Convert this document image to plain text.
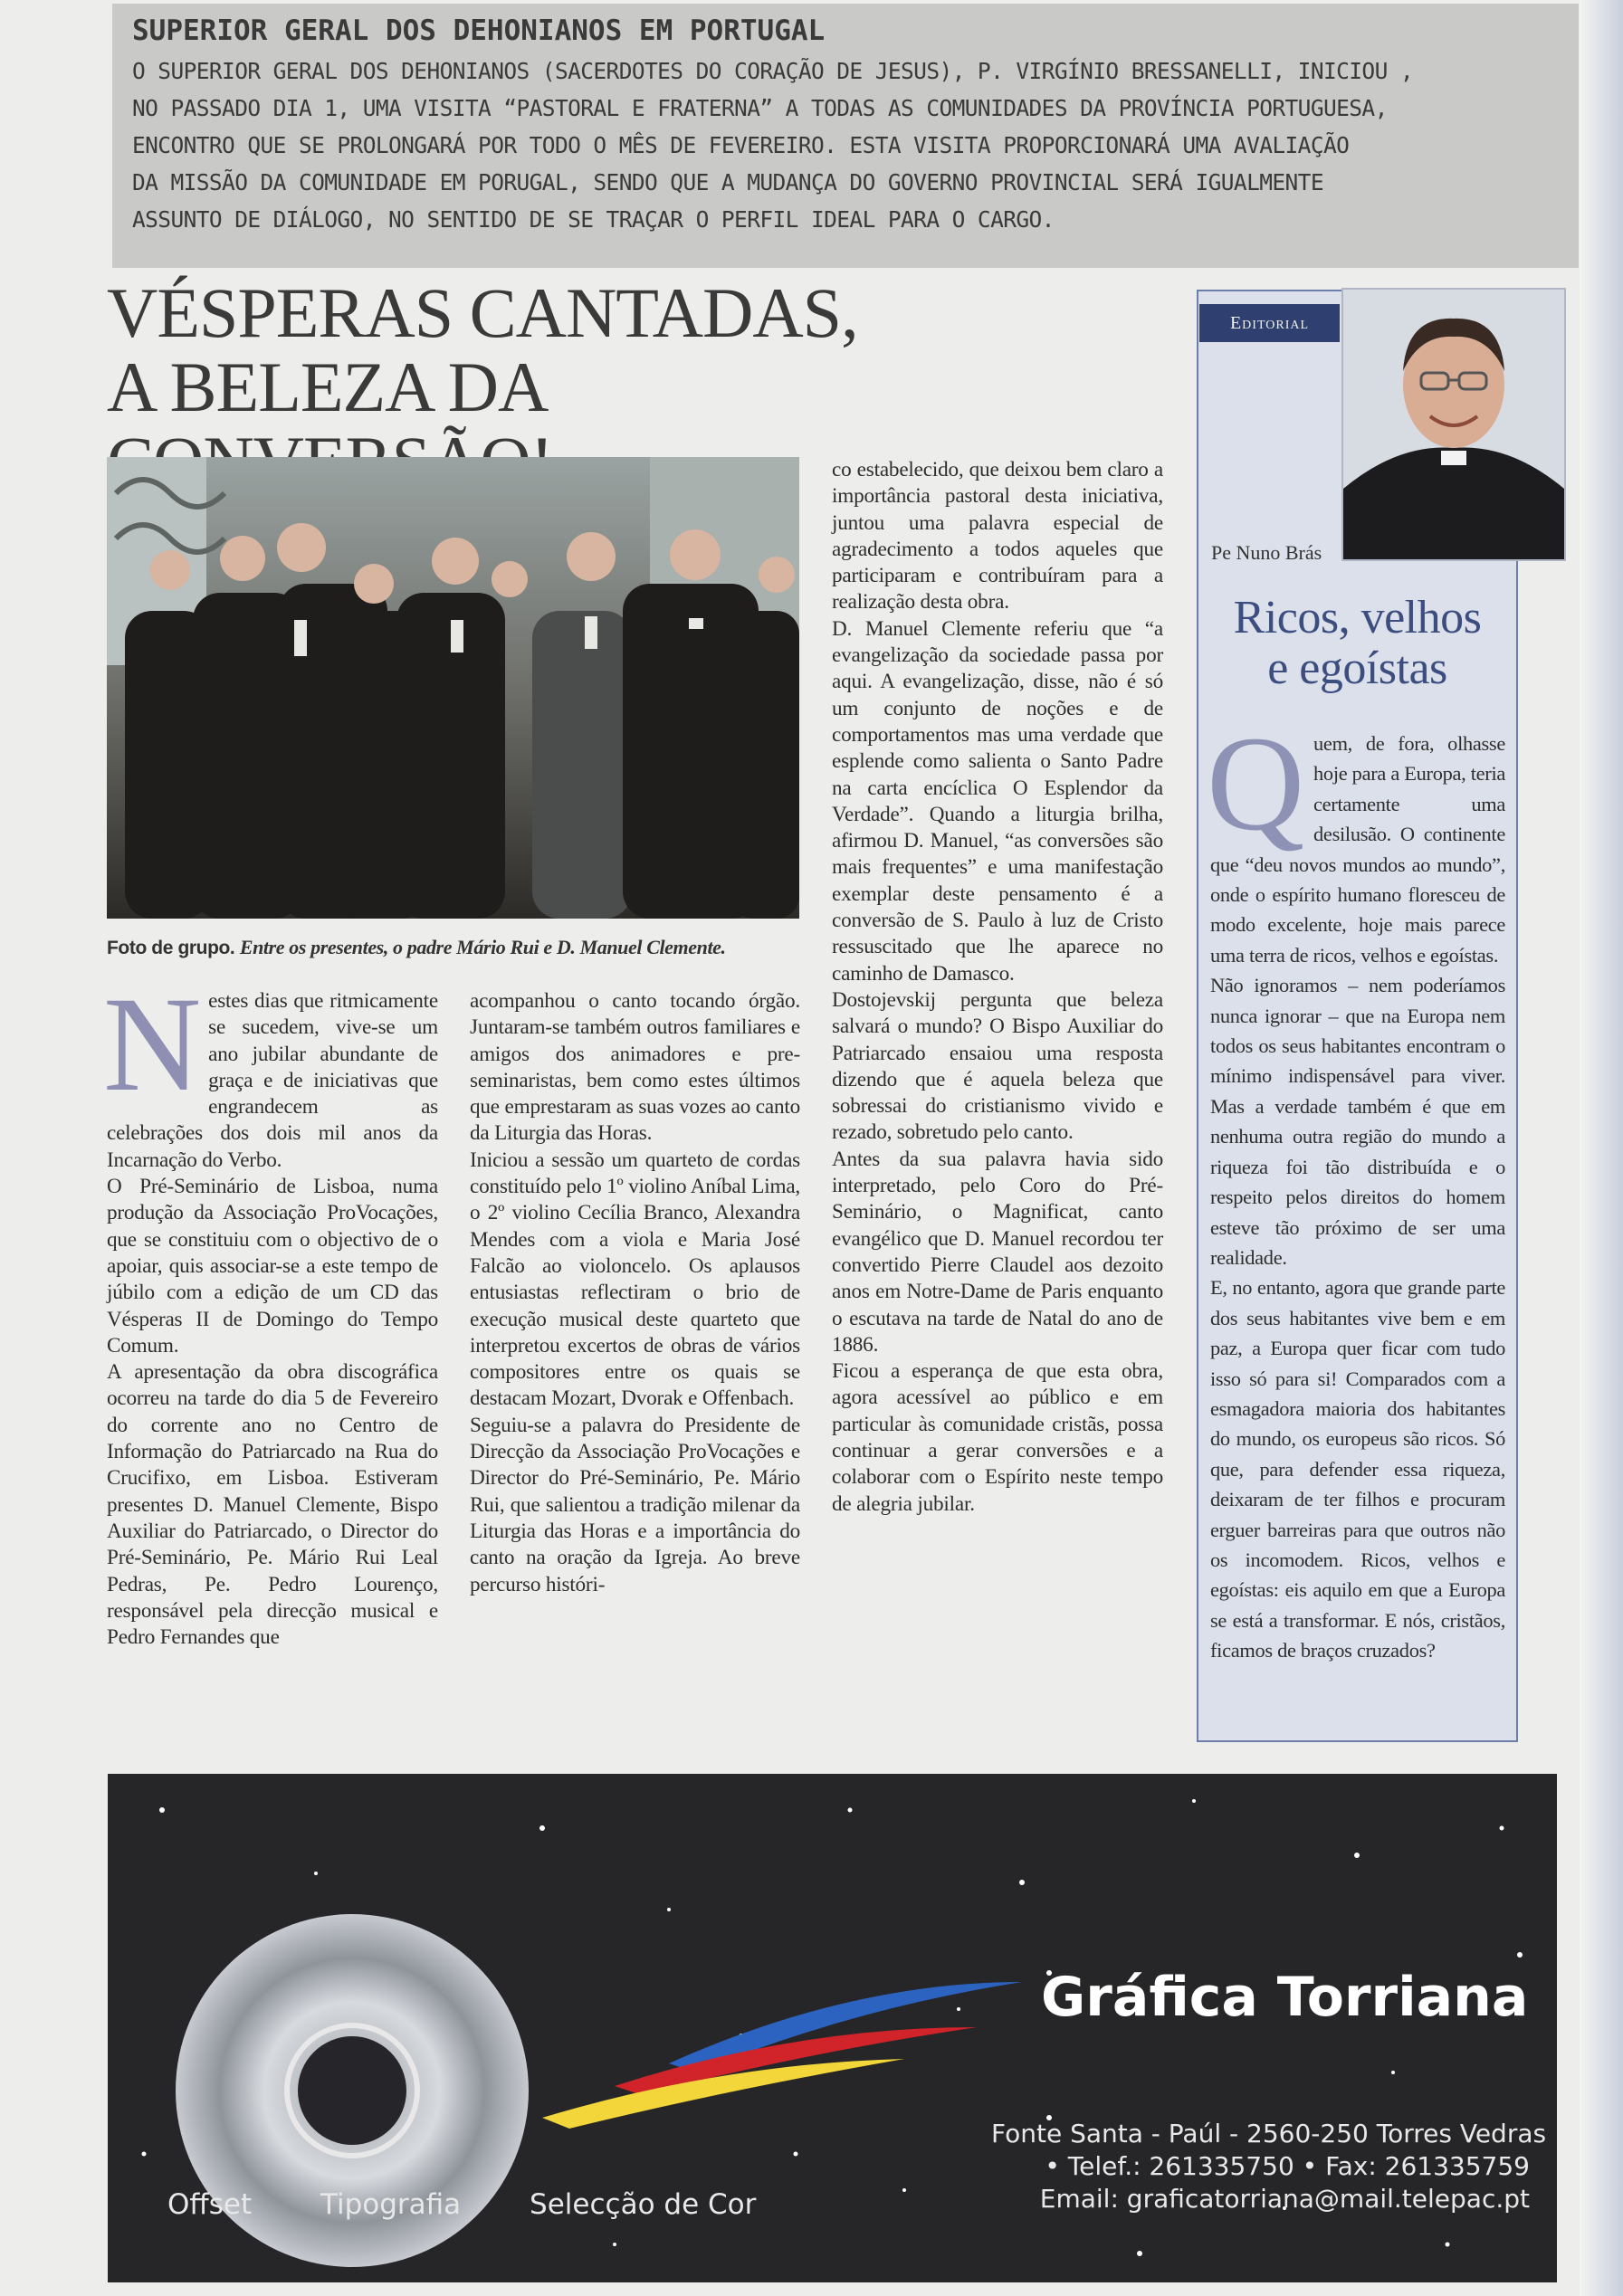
SUPERIOR GERAL DOS DEHONIANOS EM PORTUGAL

O SUPERIOR GERAL DOS DEHONIANOS (SACERDOTES DO CORAÇÃO DE JESUS), P. VIRGÍNIO BRESSANELLI, INICIOU ,

NO PASSADO DIA 1, UMA VISITA “PASTORAL E FRATERNA” A TODAS AS COMUNIDADES DA PROVÍNCIA PORTUGUESA,

ENCONTRO QUE SE PROLONGARÁ POR TODO O MÊS DE FEVEREIRO. ESTA VISITA PROPORCIONARÁ UMA AVALIAÇÃO

DA MISSÃO DA COMUNIDADE EM PORUGAL, SENDO QUE A MUDANÇA DO GOVERNO PROVINCIAL SERÁ IGUALMENTE

ASSUNTO DE DIÁLOGO, NO SENTIDO DE SE TRAÇAR O PERFIL IDEAL PARA O CARGO.

VÉSPERAS CANTADAS,
A BELEZA DA
Foto de grupo. Entre os presentes, o padre Mário Rui e D. Manuel Clemente.
N estes dias que ritmicamente se sucedem, vive-se um ano jubilar abundante de graça e de iniciativas que engrandecem as celebrações dos dois mil anos da Incarnação do Verbo.

O Pré-Seminário de Lisboa, numa produção da Associação ProVocações, que se constituiu com o objectivo de o apoiar, quis associar-se a este tempo de júbilo com a edição de um CD das Vésperas II de Domingo do Tempo Comum.

A apresentação da obra discográfica ocorreu na tarde do dia 5 de Fevereiro do corrente ano no Centro de Informação do Patriarcado na Rua do Crucifixo, em Lisboa. Estiveram presentes D. Manuel Clemente, Bispo Auxiliar do Patriarcado, o Director do Pré-Seminário, Pe. Mário Rui Leal Pedras, Pe. Pedro Lourenço, responsável pela direcção musical e Pedro Fernandes que

acompanhou o canto tocando órgão. Juntaram-se também outros familiares e amigos dos animadores e pre-seminaristas, bem como estes últimos que emprestaram as suas vozes ao canto da Liturgia das Horas.

Iniciou a sessão um quarteto de cordas constituído pelo 1º violino Aníbal Lima, o 2º violino Cecília Branco, Alexandra Mendes com a viola e Maria José Falcão ao violoncelo. Os aplausos entusiastas reflectiram o brio de execução musical deste quarteto que interpretou excertos de obras de vários compositores entre os quais se destacam Mozart, Dvorak e Offenbach.

Seguiu-se a palavra do Presidente de Direcção da Associação ProVocações e Director do Pré-Seminário, Pe. Mário Rui, que salientou a tradição milenar da Liturgia das Horas e a importância do canto na oração da Igreja. Ao breve percurso históri-

co estabelecido, que deixou bem claro a importância pastoral desta iniciativa, juntou uma palavra especial de agradecimento a todos aqueles que participaram e contribuíram para a realização desta obra.

D. Manuel Clemente referiu que “a evangelização da sociedade passa por aqui. A evangelização, disse, não é só um conjunto de noções e de comportamentos mas uma verdade que esplende como salienta o Santo Padre na carta encíclica O Esplendor da Verdade”. Quando a liturgia brilha, afirmou D. Manuel, “as conversões são mais frequentes” e uma manifestação exemplar deste pensamento é a conversão de S. Paulo à luz de Cristo ressuscitado que lhe aparece no caminho de Damasco.

Dostojevskij pergunta que beleza salvará o mundo? O Bispo Auxiliar do Patriarcado ensaiou uma resposta dizendo que é aquela beleza que sobressai do cristianismo vivido e rezado, sobretudo pelo canto.

Antes da sua palavra havia sido interpretado, pelo Coro do Pré-Seminário, o Magnificat, canto evangélico que D. Manuel recordou ter convertido Pierre Claudel aos dezoito anos em Notre-Dame de Paris enquanto o escutava na tarde de Natal do ano de 1886.

Ficou a esperança de que esta obra, agora acessível ao público e em particular às comunidade cristãs, possa continuar a gerar conversões e a colaborar com o Espírito neste tempo de alegria jubilar.

Editorial
Pe Nuno Brás
Ricos, velhos
e egoístas
Q uem, de fora, olhasse hoje para a Europa, teria certamente uma desilusão. O continente que “deu novos mundos ao mundo”, onde o espírito humano floresceu de modo excelente, hoje mais parece uma terra de ricos, velhos e egoístas.

Não ignoramos – nem poderíamos nunca ignorar – que na Europa nem todos os seus habitantes encontram o mínimo indispensável para viver. Mas a verdade também é que em nenhuma outra região do mundo a riqueza foi tão distribuída e o respeito pelos direitos do homem esteve tão próximo de ser uma realidade.

E, no entanto, agora que grande parte dos seus habitantes vive bem e em paz, a Europa quer ficar com tudo isso só para si! Comparados com a esmagadora maioria dos habitantes do mundo, os europeus são ricos. Só que, para defender essa riqueza, deixaram de ter filhos e procuram erguer barreiras para que outros não os incomodem. Ricos, velhos e egoístas: eis aquilo em que a Europa se está a transformar. E nós, cristãos, ficamos de braços cruzados?

Gráfica Torriana
Fonte Santa - Paúl - 2560-250 Torres Vedras
• Telef.: 261335750 • Fax: 261335759
Email: graficatorriana@mail.telepac.pt
Offset Tipografia Selecção de Cor
